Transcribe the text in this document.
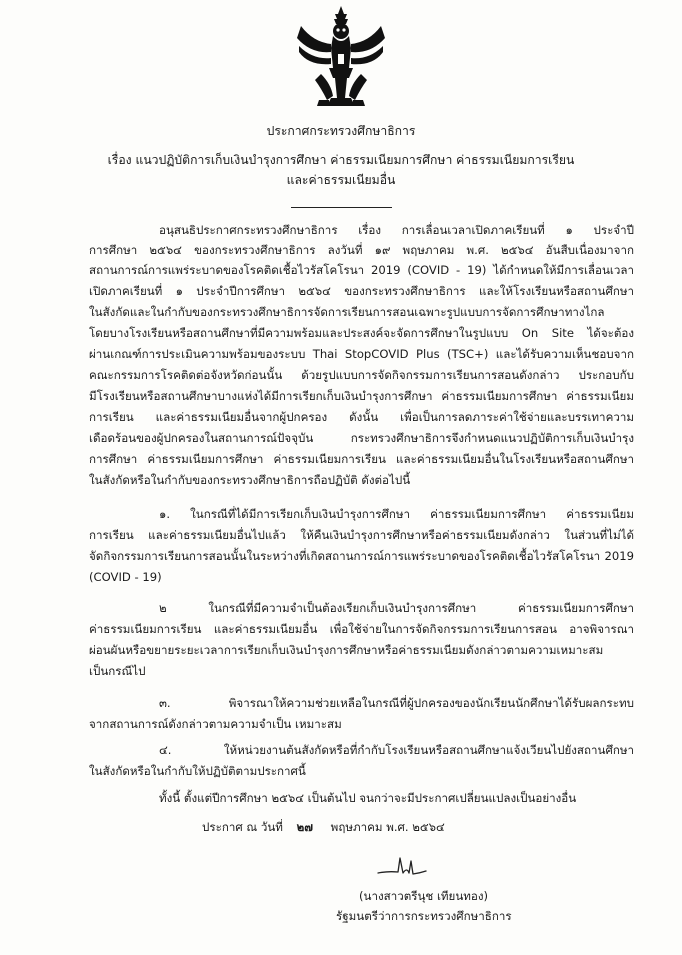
ประกาศกระทรวงศึกษาธิการ
เรื่อง แนวปฏิบัติการเก็บเงินบำรุงการศึกษา ค่าธรรมเนียมการศึกษา ค่าธรรมเนียมการเรียน
และค่าธรรมเนียมอื่น
อนุสนธิประกาศกระทรวงศึกษาธิการ เรื่อง การเลื่อนเวลาเปิดภาคเรียนที่ ๑ ประจำปี
การศึกษา ๒๕๖๔ ของกระทรวงศึกษาธิการ ลงวันที่ ๑๙ พฤษภาคม พ.ศ. ๒๕๖๔ อันสืบเนื่องมาจาก
สถานการณ์การแพร่ระบาดของโรคติดเชื้อไวรัสโคโรนา 2019 (COVID - 19) ได้กำหนดให้มีการเลื่อนเวลา
เปิดภาคเรียนที่ ๑ ประจำปีการศึกษา ๒๕๖๔ ของกระทรวงศึกษาธิการ และให้โรงเรียนหรือสถานศึกษา
ในสังกัดและในกำกับของกระทรวงศึกษาธิการจัดการเรียนการสอนเฉพาะรูปแบบการจัดการศึกษาทางไกล
โดยบางโรงเรียนหรือสถานศึกษาที่มีความพร้อมและประสงค์จะจัดการศึกษาในรูปแบบ On Site ได้จะต้อง
ผ่านเกณฑ์การประเมินความพร้อมของระบบ Thai StopCOVID Plus (TSC+) และได้รับความเห็นชอบจาก
คณะกรรมการโรคติดต่อจังหวัดก่อนนั้น ด้วยรูปแบบการจัดกิจกรรมการเรียนการสอนดังกล่าว ประกอบกับ
มีโรงเรียนหรือสถานศึกษาบางแห่งได้มีการเรียกเก็บเงินบำรุงการศึกษา ค่าธรรมเนียมการศึกษา ค่าธรรมเนียม
การเรียน และค่าธรรมเนียมอื่นจากผู้ปกครอง ดังนั้น เพื่อเป็นการลดภาระค่าใช้จ่ายและบรรเทาความ
เดือดร้อนของผู้ปกครองในสถานการณ์ปัจจุบัน กระทรวงศึกษาธิการจึงกำหนดแนวปฏิบัติการเก็บเงินบำรุง
การศึกษา ค่าธรรมเนียมการศึกษา ค่าธรรมเนียมการเรียน และค่าธรรมเนียมอื่นในโรงเรียนหรือสถานศึกษา
ในสังกัดหรือในกำกับของกระทรวงศึกษาธิการถือปฏิบัติ ดังต่อไปนี้
๑. ในกรณีที่ได้มีการเรียกเก็บเงินบำรุงการศึกษา ค่าธรรมเนียมการศึกษา ค่าธรรมเนียม
การเรียน และค่าธรรมเนียมอื่นไปแล้ว ให้คืนเงินบำรุงการศึกษาหรือค่าธรรมเนียมดังกล่าว ในส่วนที่ไม่ได้
จัดกิจกรรมการเรียนการสอนนั้นในระหว่างที่เกิดสถานการณ์การแพร่ระบาดของโรคติดเชื้อไวรัสโคโรนา 2019
(COVID - 19)
๒ ในกรณีที่มีความจำเป็นต้องเรียกเก็บเงินบำรุงการศึกษา ค่าธรรมเนียมการศึกษา
ค่าธรรมเนียมการเรียน และค่าธรรมเนียมอื่น เพื่อใช้จ่ายในการจัดกิจกรรมการเรียนการสอน อาจพิจารณา
ผ่อนผันหรือขยายระยะเวลาการเรียกเก็บเงินบำรุงการศึกษาหรือค่าธรรมเนียมดังกล่าวตามความเหมาะสม
เป็นกรณีไป
๓. พิจารณาให้ความช่วยเหลือในกรณีที่ผู้ปกครองของนักเรียนนักศึกษาได้รับผลกระทบ
จากสถานการณ์ดังกล่าวตามความจำเป็น เหมาะสม
๔. ให้หน่วยงานต้นสังกัดหรือที่กำกับโรงเรียนหรือสถานศึกษาแจ้งเวียนไปยังสถานศึกษา
ในสังกัดหรือในกำกับให้ปฏิบัติตามประกาศนี้
ทั้งนี้ ตั้งแต่ปีการศึกษา ๒๕๖๔ เป็นต้นไป จนกว่าจะมีประกาศเปลี่ยนแปลงเป็นอย่างอื่น
ประกาศ ณ วันที่ ๒๗ พฤษภาคม พ.ศ. ๒๕๖๔
(นางสาวตรีนุช เทียนทอง)
รัฐมนตรีว่าการกระทรวงศึกษาธิการ
